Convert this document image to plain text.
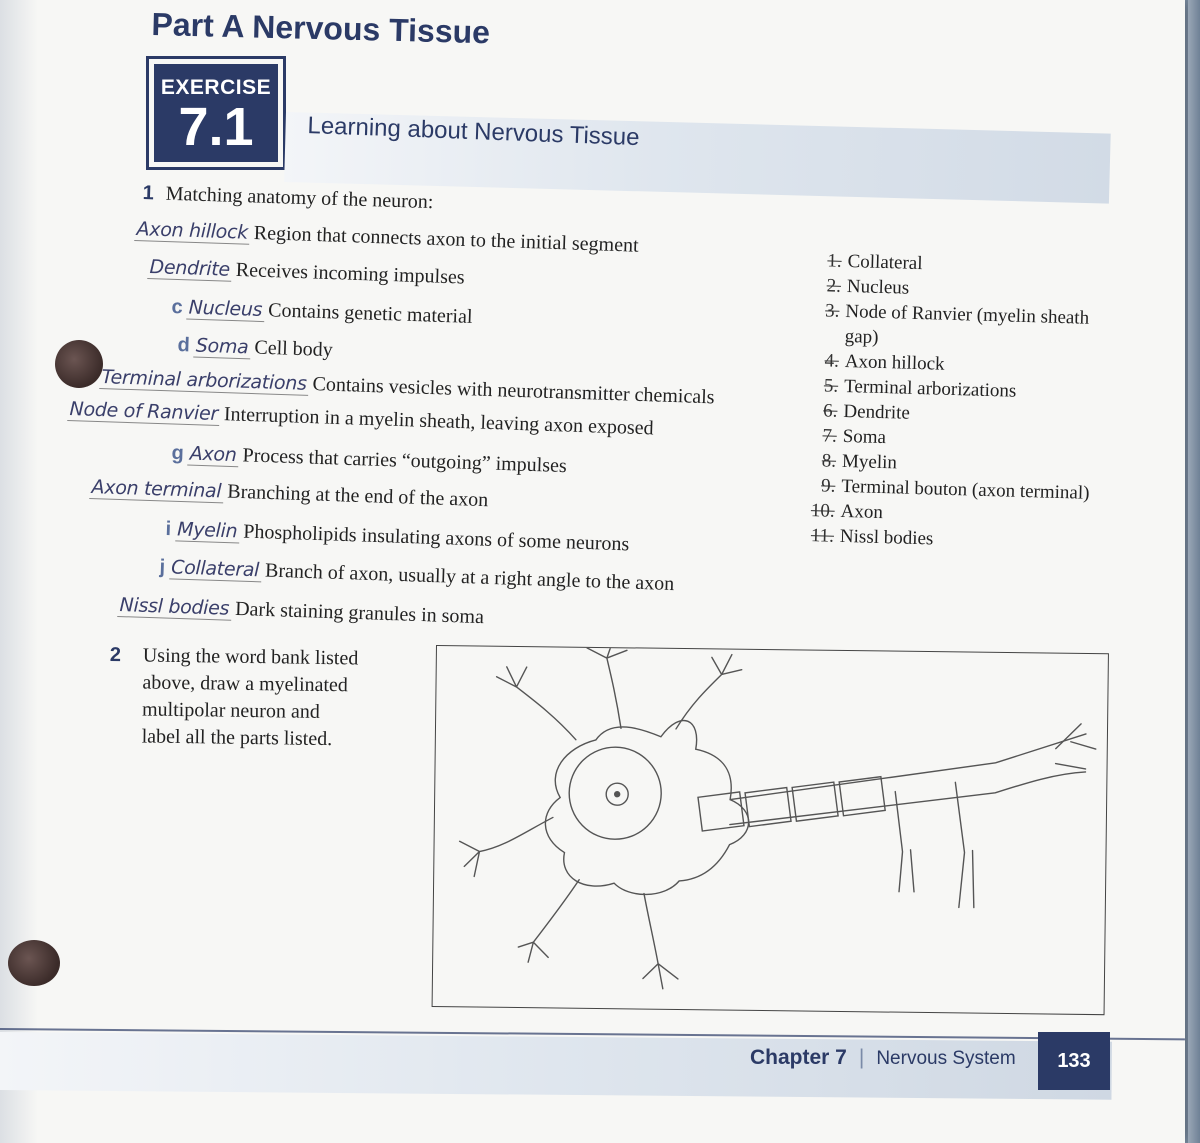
Part A Nervous Tissue
EXERCISE
7.1	Learning about Nervous Tissue
1 Matching anatomy of the neuron:
Axon hillock Region that connects axon to the initial segment
Dendrite Receives incoming impulses
c Nucleus Contains genetic material
d Soma Cell body
Terminal arborizations Contains vesicles with neurotransmitter chemicals
Node of Ranvier Interruption in a myelin sheath, leaving axon exposed
g Axon Process that carries “outgoing” impulses
Axon terminal Branching at the end of the axon
i Myelin Phospholipids insulating axons of some neurons
j Collateral Branch of axon, usually at a right angle to the axon
Nissl bodies Dark staining granules in soma
1. Collateral
2. Nucleus
3. Node of Ranvier (myelin sheath gap)
4. Axon hillock
5. Terminal arborizations
6. Dendrite
7. Soma
8. Myelin
9. Terminal bouton (axon terminal)
10. Axon
11. Nissl bodies
2 Using the word bank listed above, draw a myelinated multipolar neuron and label all the parts listed.
Chapter 7 | Nervous System	133
